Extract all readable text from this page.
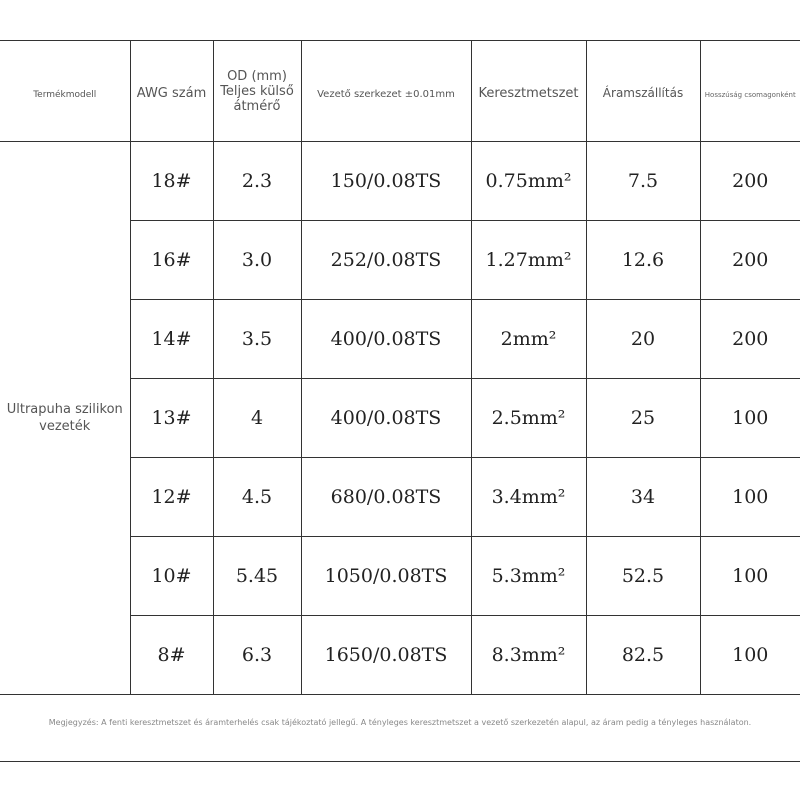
Termékmodell	AWG szám	OD (mm) Teljes külső átmérő	Vezető szerkezet ±0.01mm	Keresztmetszet	Áramszállítás	Hosszúság csomagonként

Ultrapuha szilikon vezeték	18#	2.3	150/0.08TS	0.75mm²	7.5	200
	16#	3.0	252/0.08TS	1.27mm²	12.6	200
	14#	3.5	400/0.08TS	2mm²	20	200
	13#	4	400/0.08TS	2.5mm²	25	100
	12#	4.5	680/0.08TS	3.4mm²	34	100
	10#	5.45	1050/0.08TS	5.3mm²	52.5	100
	8#	6.3	1650/0.08TS	8.3mm²	82.5	100
Megjegyzés: A fenti keresztmetszet és áramterhelés csak tájékoztató jellegű. A tényleges keresztmetszet a vezető szerkezetén alapul, az áram pedig a tényleges használaton.
